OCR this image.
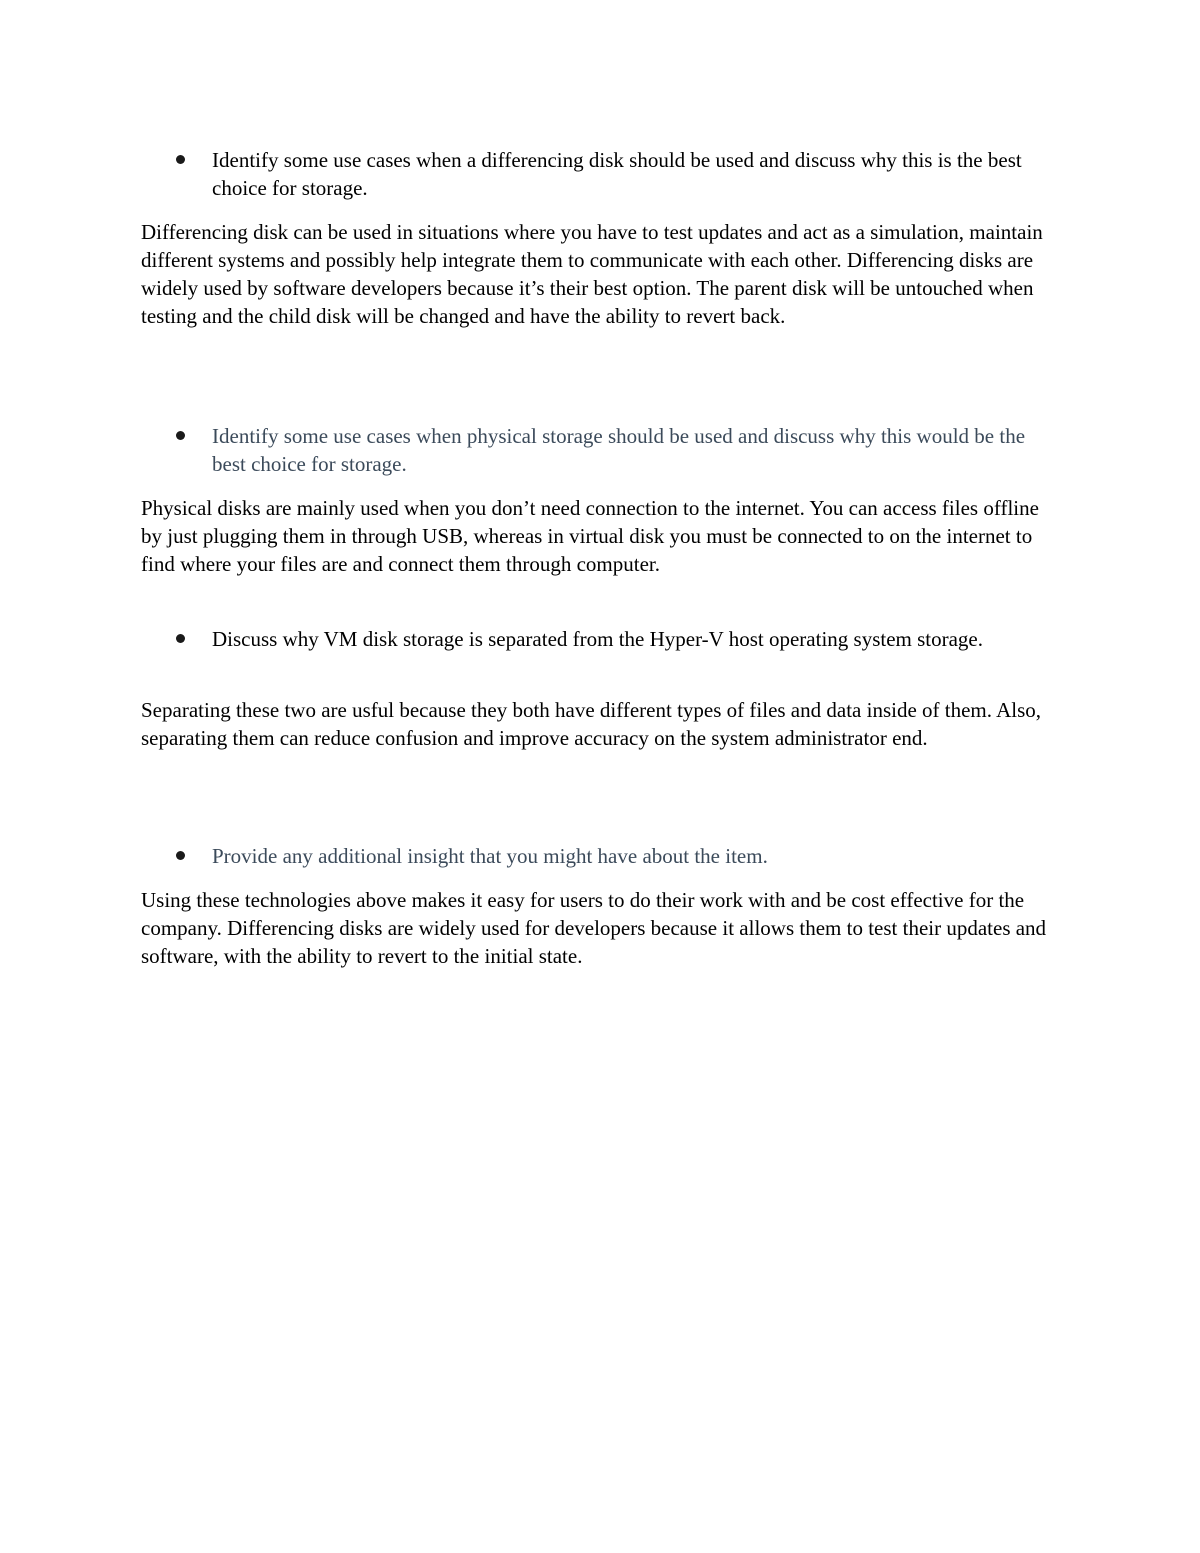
Identify some use cases when a differencing disk should be used and discuss why this is the best choice for storage.
Differencing disk can be used in situations where you have to test updates and act as a simulation, maintain different systems and possibly help integrate them to communicate with each other. Differencing disks are widely used by software developers because it’s their best option. The parent disk will be untouched when testing and the child disk will be changed and have the ability to revert back.
Identify some use cases when physical storage should be used and discuss why this would be the best choice for storage.
Physical disks are mainly used when you don’t need connection to the internet. You can access files offline by just plugging them in through USB, whereas in virtual disk you must be connected to on the internet to find where your files are and connect them through computer.
Discuss why VM disk storage is separated from the Hyper-V host operating system storage.
Separating these two are usful because they both have different types of files and data inside of them. Also, separating them can reduce confusion and improve accuracy on the system administrator end.
Provide any additional insight that you might have about the item.
Using these technologies above makes it easy for users to do their work with and be cost effective for the company. Differencing disks are widely used for developers because it allows them to test their updates and software, with the ability to revert to the initial state.
